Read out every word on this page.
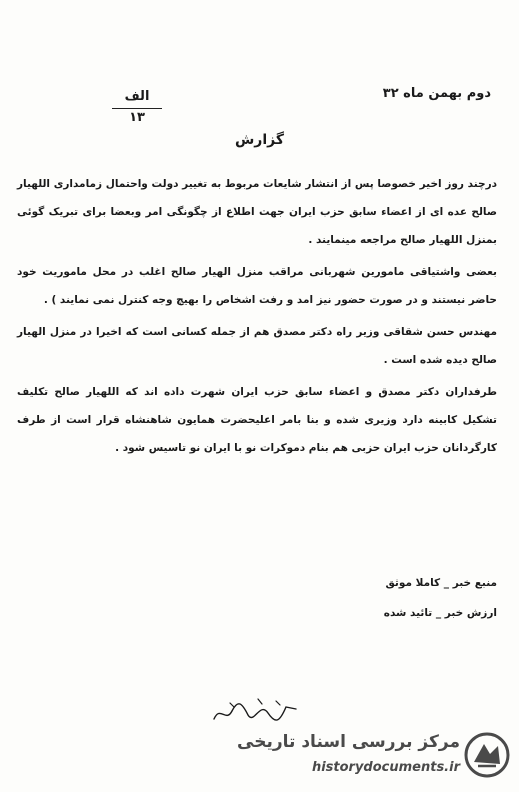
دوم بهمن ماه ۳۲
الف
۱۳
گزارش

درچند روز اخیر خصوصا پس از انتشار شایعات مربوط به تغییر دولت واحتمال زمامداری اللهیار صالح عده ای از اعضاء سابق حزب ایران جهت اطلاع از چگونگی امر وبعضا برای تبریک گوئی بمنزل اللهیار صالح مراجعه مینمایند .

بعضی واشتیاقی مامورین شهربانی مراقب منزل الهیار صالح اغلب در محل ماموریت خود حاضر نیستند و در صورت حضور نیز امد و رفت اشخاص را بهیچ وجه کنترل نمی نمایند ) .

مهندس حسن شقاقی وزیر راه دکتر مصدق هم از جمله کسانی است که اخیرا در منزل الهیار صالح دیده شده است .

طرفداران دکتر مصدق و اعضاء سابق حزب ایران شهرت داده اند که اللهیار صالح تکلیف تشکیل کابینه دارد وزیری شده و بنا بامر اعلیحضرت همایون شاهنشاه قرار است از طرف کارگردانان حزب ایران حزبی هم بنام دموکرات نو با ایران نو تاسیس شود .

منبع خبر _ کاملا موثق
ارزش خبر _ تائید شده
مرکز بررسی اسناد تاریخی
historydocuments.ir
